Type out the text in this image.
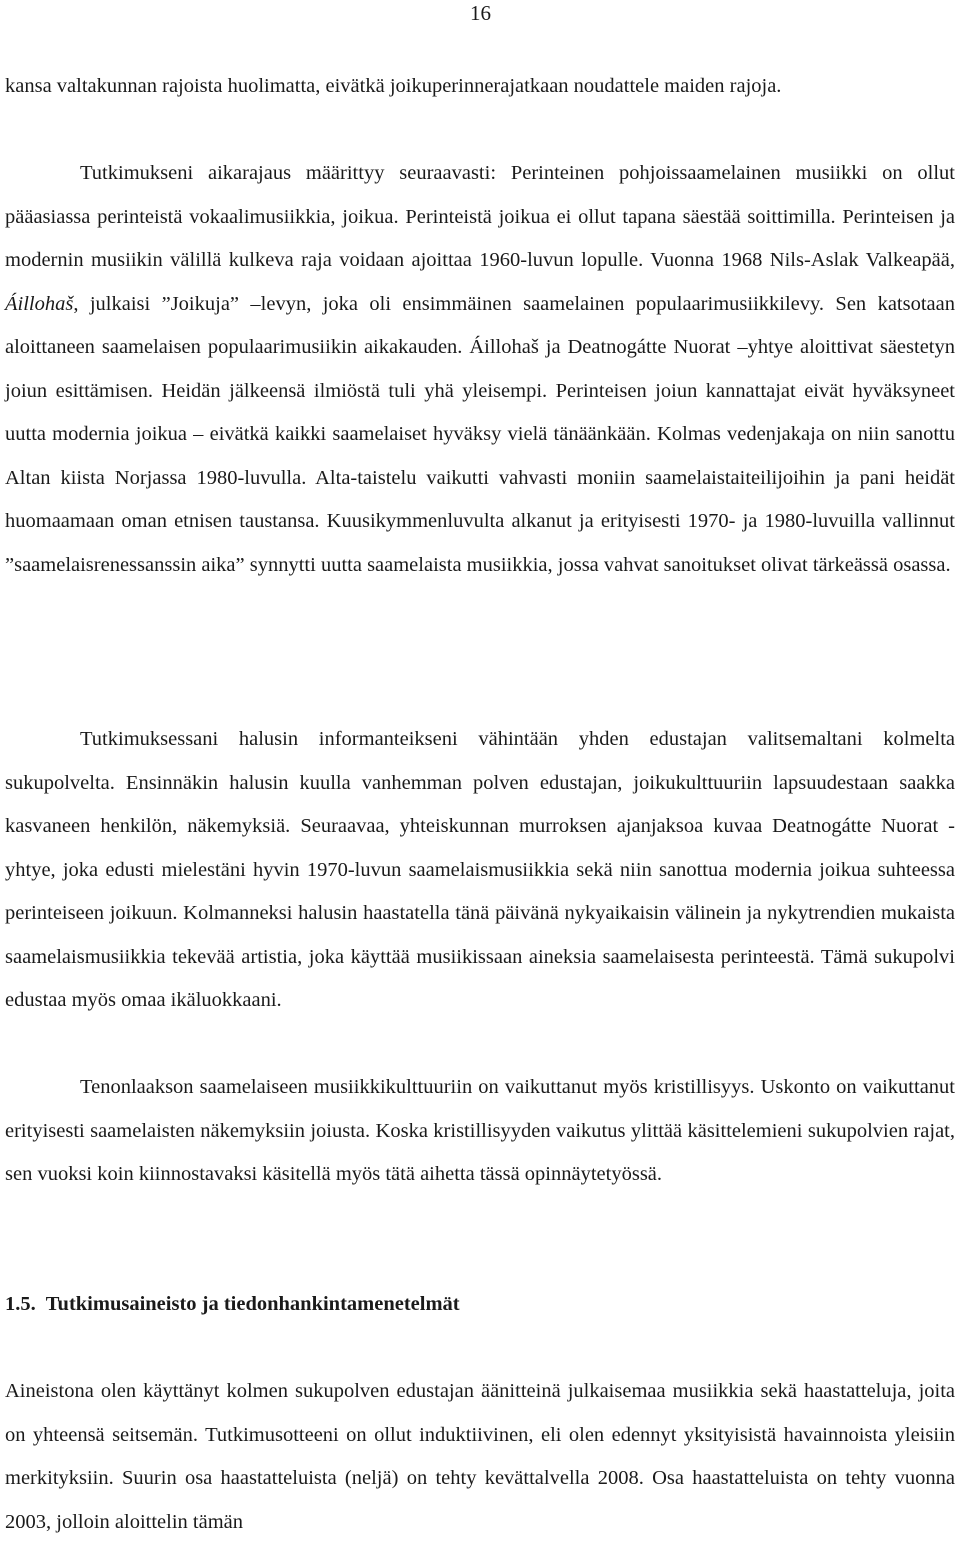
16

kansa valtakunnan rajoista huolimatta, eivätkä joikuperinnerajatkaan noudattele maiden rajoja.

Tutkimukseni aikarajaus määrittyy seuraavasti: Perinteinen pohjoissaamelainen musiikki on ollut pääasiassa perinteistä vokaalimusiikkia, joikua. Perinteistä joikua ei ollut tapana säestää soittimilla. Perinteisen ja modernin musiikin välillä kulkeva raja voidaan ajoittaa 1960-luvun lopulle. Vuonna 1968 Nils-Aslak Valkeapää, Áillohaš, julkaisi ”Joikuja” –levyn, joka oli ensimmäinen saamelainen populaarimusiikkilevy. Sen katsotaan aloittaneen saamelaisen populaarimusiikin aikakauden. Áillohaš ja Deatnogátte Nuorat –yhtye aloittivat säestetyn joiun esittämisen. Heidän jälkeensä ilmiöstä tuli yhä yleisempi. Perinteisen joiun kannattajat eivät hyväksyneet uutta modernia joikua – eivätkä kaikki saamelaiset hyväksy vielä tänäänkään. Kolmas vedenjakaja on niin sanottu Altan kiista Norjassa 1980-luvulla. Alta-taistelu vaikutti vahvasti moniin saamelaistaiteilijoihin ja pani heidät huomaamaan oman etnisen taustansa. Kuusikymmenluvulta alkanut ja erityisesti 1970- ja 1980-luvuilla vallinnut ”saamelaisrenessanssin aika” synnytti uutta saamelaista musiikkia, jossa vahvat sanoitukset olivat tärkeässä osassa.

Tutkimuksessani halusin informanteikseni vähintään yhden edustajan valitsemaltani kolmelta sukupolvelta. Ensinnäkin halusin kuulla vanhemman polven edustajan, joikukulttuuriin lapsuudestaan saakka kasvaneen henkilön, näkemyksiä. Seuraavaa, yhteiskunnan murroksen ajanjaksoa kuvaa Deatnogátte Nuorat -yhtye, joka edusti mielestäni hyvin 1970-luvun saamelaismusiikkia sekä niin sanottua modernia joikua suhteessa perinteiseen joikuun. Kolmanneksi halusin haastatella tänä päivänä nykyaikaisin välinein ja nykytrendien mukaista saamelaismusiikkia tekevää artistia, joka käyttää musiikissaan aineksia saamelaisesta perinteestä. Tämä sukupolvi edustaa myös omaa ikäluokkaani.

Tenonlaakson saamelaiseen musiikkikulttuuriin on vaikuttanut myös kristillisyys. Uskonto on vaikuttanut erityisesti saamelaisten näkemyksiin joiusta. Koska kristillisyyden vaikutus ylittää käsittelemieni sukupolvien rajat, sen vuoksi koin kiinnostavaksi käsitellä myös tätä aihetta tässä opinnäytetyössä.

1.5. Tutkimusaineisto ja tiedonhankintamenetelmät

Aineistona olen käyttänyt kolmen sukupolven edustajan äänitteinä julkaisemaa musiikkia sekä haastatteluja, joita on yhteensä seitsemän. Tutkimusotteeni on ollut induktiivinen, eli olen edennyt yksityisistä havainnoista yleisiin merkityksiin. Suurin osa haastatteluista (neljä) on tehty kevättalvella 2008. Osa haastatteluista on tehty vuonna 2003, jolloin aloittelin tämän
